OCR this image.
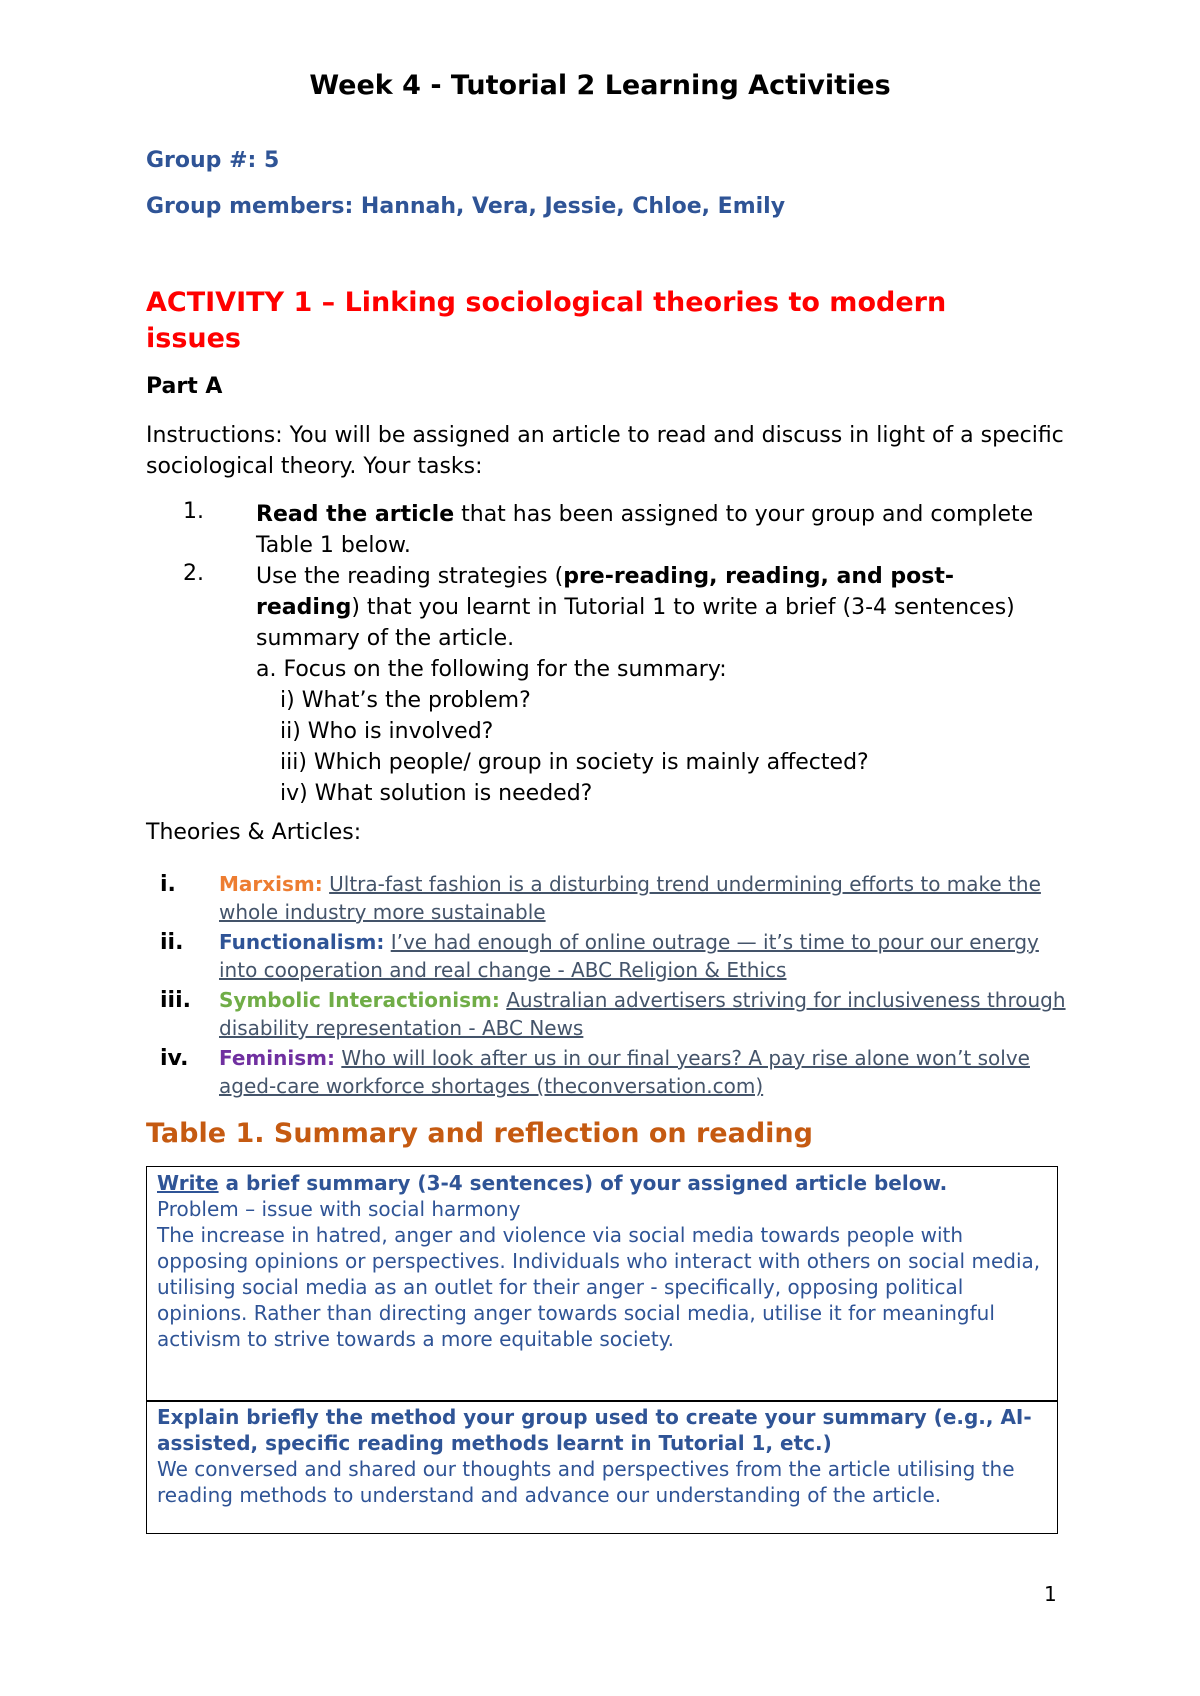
Week 4 - Tutorial 2 Learning Activities
Group #: 5
Group members: Hannah, Vera, Jessie, Chloe, Emily
ACTIVITY 1 – Linking sociological theories to modern issues
Part A
Instructions: You will be assigned an article to read and discuss in light of a specific sociological theory. Your tasks:
1. Read the article that has been assigned to your group and complete Table 1 below.
2. Use the reading strategies (pre-reading, reading, and post-reading) that you learnt in Tutorial 1 to write a brief (3-4 sentences) summary of the article.
a. Focus on the following for the summary:
i) What’s the problem?
ii) Who is involved?
iii) Which people/ group in society is mainly affected?
iv) What solution is needed?
Theories & Articles:
i.	Marxism: Ultra-fast fashion is a disturbing trend undermining efforts to make the whole industry more sustainable
ii.	Functionalism: I’ve had enough of online outrage — it’s time to pour our energy into cooperation and real change - ABC Religion & Ethics
iii.	Symbolic Interactionism: Australian advertisers striving for inclusiveness through disability representation - ABC News
iv.	Feminism: Who will look after us in our final years? A pay rise alone won’t solve aged-care workforce shortages (theconversation.com)
Table 1. Summary and reflection on reading
Write a brief summary (3-4 sentences) of your assigned article below.
Problem – issue with social harmony
The increase in hatred, anger and violence via social media towards people with opposing opinions or perspectives. Individuals who interact with others on social media, utilising social media as an outlet for their anger - specifically, opposing political opinions. Rather than directing anger towards social media, utilise it for meaningful activism to strive towards a more equitable society.
Explain briefly the method your group used to create your summary (e.g., AI-assisted, specific reading methods learnt in Tutorial 1, etc.)
We conversed and shared our thoughts and perspectives from the article utilising the reading methods to understand and advance our understanding of the article.
1
